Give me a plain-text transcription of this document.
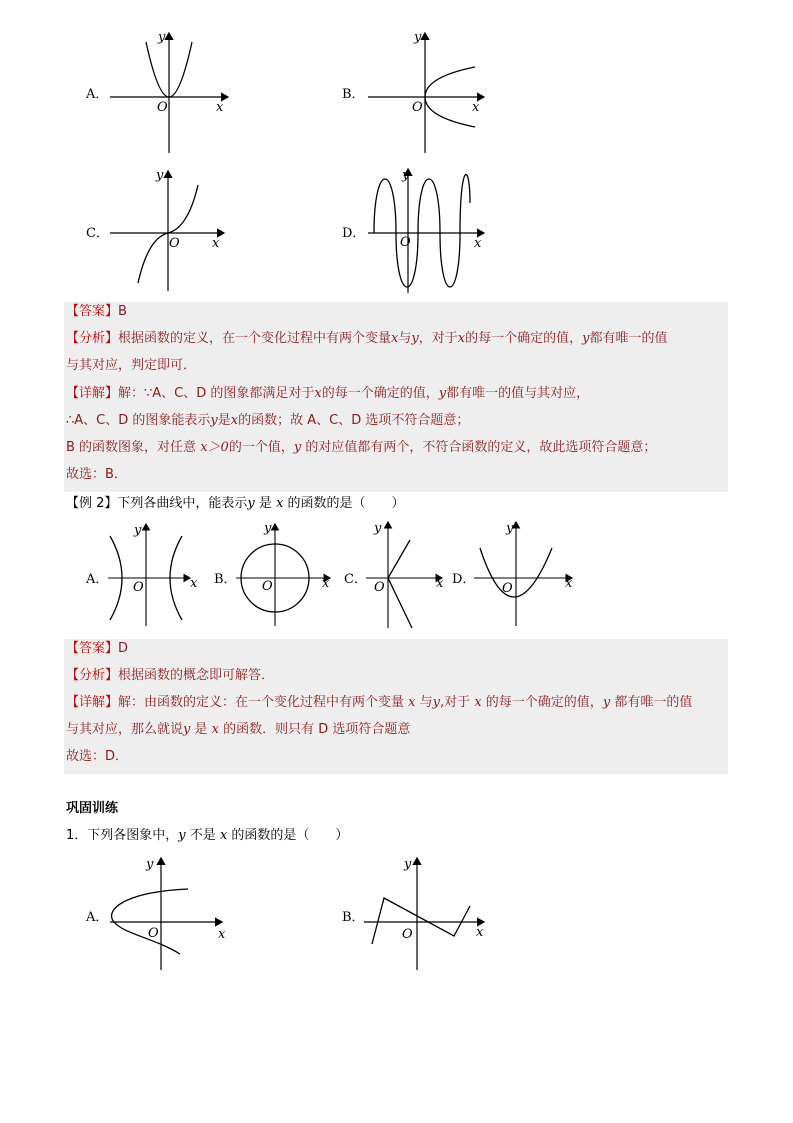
A．
y
O	x
B．
y
O	x
C．
y
O x
D．
y
O	x
【答案】B
【分析】根据函数的定义，在一个变化过程中有两个变量x与y，对于x的每一个确定的值，y都有唯一的值
与其对应，判定即可．
【详解】解：∵A、C、D 的图象都满足对于x的每一个确定的值，y都有唯一的值与其对应，
∴A、C、D 的图象能表示y是x的函数；故 A、C、D 选项不符合题意；
B 的函数图象，对任意 x＞0的一个值，y 的对应值都有两个，不符合函数的定义，故此选项符合题意；
故选：B．
【例 2】下列各曲线中，能表示y 是 x 的函数的是（　　）
A．
y
O	x B．
y
O	x C．
y
O	x D．
y
O	x
【答案】D
【分析】根据函数的概念即可解答．
【详解】解：由函数的定义：在一个变化过程中有两个变量 x 与y,对于 x 的每一个确定的值，y 都有唯一的值
与其对应，那么就说y 是 x 的函数．则只有 D 选项符合题意
故选：D．
巩固训练
1．下列各图象中，y 不是 x 的函数的是（　　）
A．
y
O	x
B．
y
O	x
